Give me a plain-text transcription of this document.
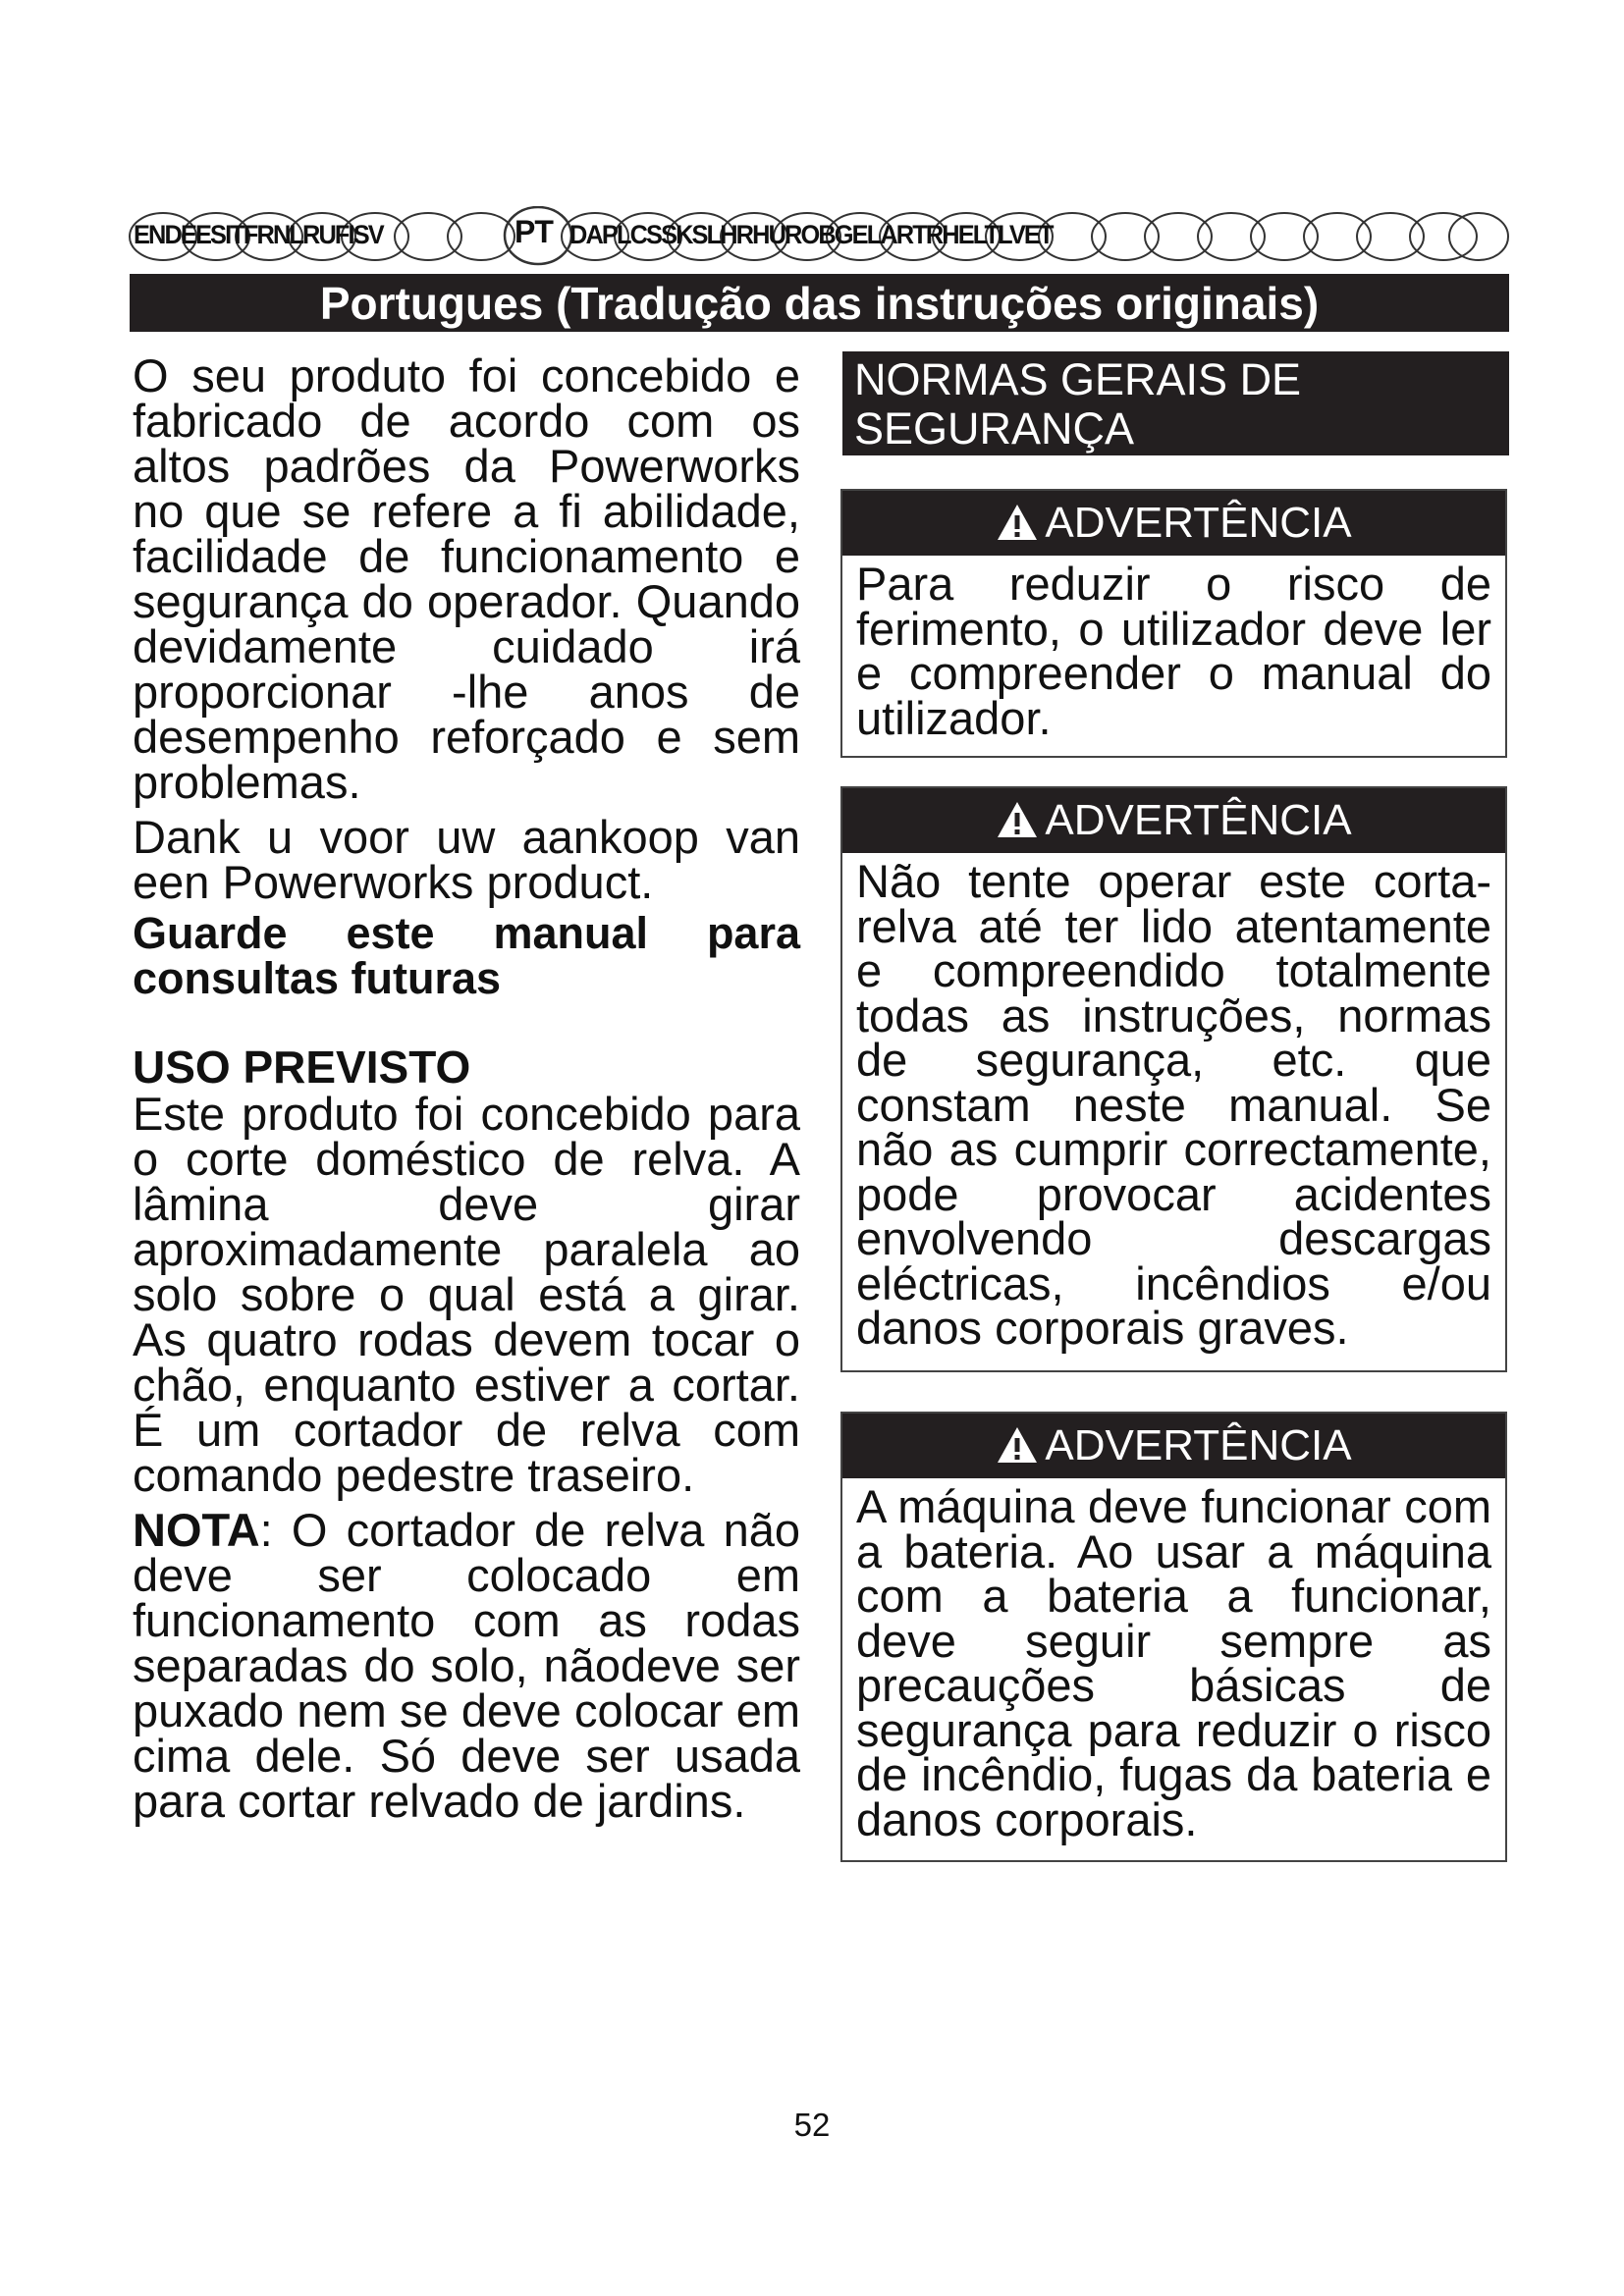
ENDEESITFRNLRUFISV	PT DAPLCSSKSLHRHUROBGELARTRHELTLVET
Portugues (Tradução das instruções originais)

O seu produto foi concebido e fabricado de acordo com os altos padrões da Powerworks no que se refere a fi abilidade, facilidade de funcionamento e segurança do operador. Quando devidamente cuidado irá proporcionar -lhe anos de desempenho reforçado e sem problemas.

Dank u voor uw aankoop van een Powerworks product.

Guarde este manual para consultas futuras

USO PREVISTO

Este produto foi concebido para o corte doméstico de relva. A lâmina deve girar aproximadamente paralela ao solo sobre o qual está a girar. As quatro rodas devem tocar o chão, enquanto estiver a cortar. É um cortador de relva com comando pedestre traseiro.

NOTA: O cortador de relva não deve ser colocado em funcionamento com as rodas separadas do solo, nãodeve ser puxado nem se deve colocar em cima dele. Só deve ser usada para cortar relvado de jardins.

NORMAS GERAIS DE SEGURANÇA
ADVERTÊNCIA
Para reduzir o risco de ferimento, o utilizador deve ler e compreender o manual do utilizador.
ADVERTÊNCIA
Não tente operar este corta-relva até ter lido atentamente e compreendido totalmente todas as instruções, normas de segurança, etc. que constam neste manual. Se não as cumprir correctamente, pode provocar acidentes envolvendo descargas eléctricas, incêndios e/ou danos corporais graves.
ADVERTÊNCIA
A máquina deve funcionar com a bateria. Ao usar a máquina com a bateria a funcionar, deve seguir sempre as precauções básicas de segurança para reduzir o risco de incêndio, fugas da bateria e danos corporais.
52
